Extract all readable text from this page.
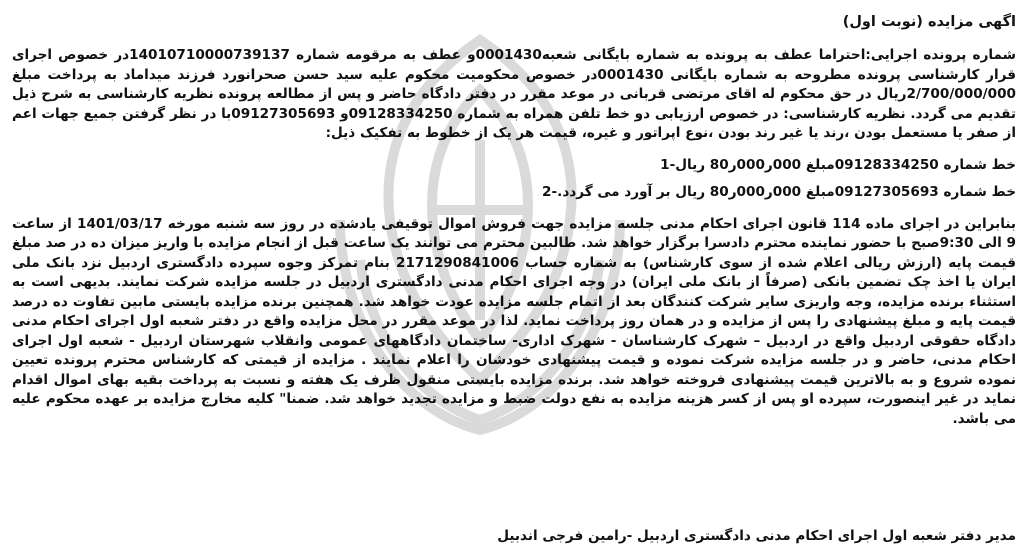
اگهی مزایده (نوبت اول)

شماره پرونده اجرایی:احتراما عطف به پرونده به شماره بایگانی شعبه0001430و عطف به مرقومه شماره 1401071000073913​7در خصوص اجرای قرار کارشناسی پرونده مطروحه به شماره بایگانی 0001430در خصوص محکومیت محکوم علیه سید حسن صحرانورد فرزند میداماد به پرداخت مبلغ 2/700/000/000ریال در حق محکوم له اقای مرتضی قربانی در موعد مقرر در دفتر دادگاه حاضر و پس از مطالعه پرونده نظریه کارشناسی به شرح ذیل تقدیم می گردد. نظریه کارشناسی: در خصوص ارزیابی دو خط تلفن همراه به شماره 09128334250و 09127305693با در نظر گرفتن جمیع جهات اعم از صفر یا مستعمل بودن ،رند یا غیر رند بودن ،نوع اپراتور و غیره، قیمت هر یک از خطوط به تفکیک ذیل:

خط شماره 09128334250مبلغ 000ر000ر80 ریال-1

خط شماره 09127305693مبلغ 000ر000ر80 ریال بر آورد می گردد.-2

بنابراین در اجرای ماده 114 قانون اجرای احکام مدنی جلسه مزایده جهت فروش اموال توقیفی یادشده در روز سه شنبه مورخه 1401/03/17 از ساعت 9 الی 9:30صبح با حضور نماینده محترم دادسرا برگزار خواهد شد. طالبین محترم می توانند یک ساعت قبل از انجام مزایده با واریز میزان ده در صد مبلغ قیمت پایه (ارزش ریالی اعلام شده از سوی کارشناس) به شماره حساب 2171290841006 بنام تمرکز وجوه سپرده دادگستری اردبیل نزد بانک ملی ایران یا اخذ چک تضمین بانکی (صرفاً از بانک ملی ایران) در وجه اجرای احکام مدنی دادگستری اردبیل در جلسه مزایده شرکت نمایند. بدیهی است به استثناء برنده مزایده، وجه واریزی سایر شرکت کنندگان بعد از اتمام جلسه مزایده عودت خواهد شد. همچنین برنده مزایده بایستی مابین تفاوت ده درصد قیمت پایه و مبلغ پیشنهادی را پس از مزایده و در همان روز پرداخت نماید. لذا در موعد مقرر در محل مزایده واقع در دفتر شعبه اول اجرای احکام مدنی دادگاه حقوقی اردبیل واقع در اردبیل – شهرک کارشناسان - شهرک اداری- ساختمان دادگاههای عمومی وانقلاب شهرستان اردبیل - شعبه اول اجرای احکام مدنی، حاضر و در جلسه مزایده شرکت نموده و قیمت پیشنهادی خودشان را اعلام نمایند . مزایده از قیمتی که کارشناس محترم پرونده تعیین نموده شروع و به بالاترین قیمت پیشنهادی فروخته خواهد شد. برنده مزایده بایستی منقول ظرف یک هفته و نسبت به پرداخت بقیه بهای اموال اقدام نماید در غیر اینصورت، سپرده او پس از کسر هزینه مزایده به نفع دولت ضبط و مزایده تجدید خواهد شد. ضمنا" کلیه مخارج مزایده بر عهده محکوم علیه می باشد.

مدیر دفتر شعبه اول اجرای احکام مدنی دادگستری اردبیل -رامین فرجی اندبیل
